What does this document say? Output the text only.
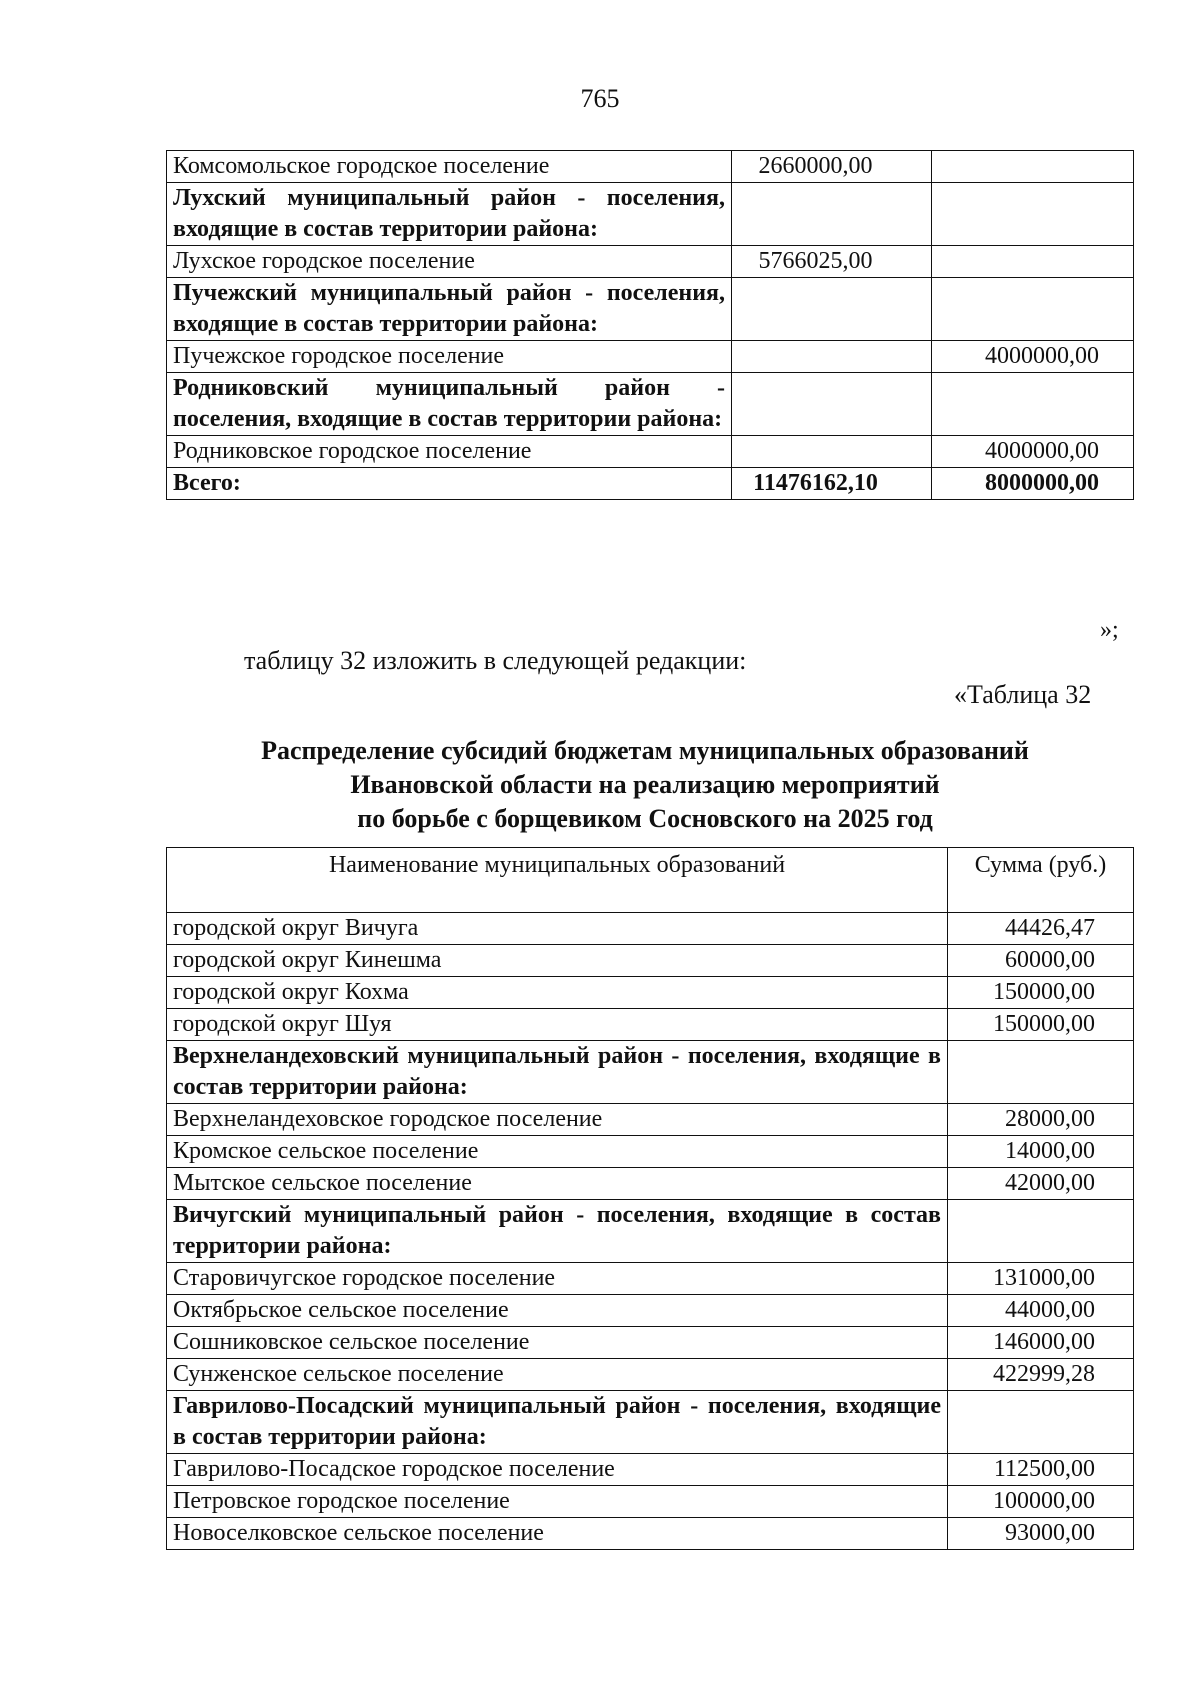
765
Комсомольское городское поселение	2660000,00	
Лухский муниципальный район - поселения, входящие в состав территории района:		
Лухское городское поселение	5766025,00	
Пучежский муниципальный район - поселения, входящие в состав территории района:		
Пучежское городское поселение		4000000,00
Родниковский муниципальный район - поселения, входящие в состав территории района:		
Родниковское городское поселение		4000000,00
Всего:	11476162,10	8000000,00
»;
таблицу 32 изложить в следующей редакции:
«Таблица 32
Распределение субсидий бюджетам муниципальных образований
Ивановской области на реализацию мероприятий
по борьбе с борщевиком Сосновского на 2025 год
Наименование муниципальных образований	Сумма (руб.)
городской округ Вичуга	44426,47
городской округ Кинешма	60000,00
городской округ Кохма	150000,00
городской округ Шуя	150000,00
Верхнеландеховский муниципальный район - поселения, входящие в состав территории района:	
Верхнеландеховское городское поселение	28000,00
Кромское сельское поселение	14000,00
Мытское сельское поселение	42000,00
Вичугский муниципальный район - поселения, входящие в состав территории района:	
Старовичугское городское поселение	131000,00
Октябрьское сельское поселение	44000,00
Сошниковское сельское поселение	146000,00
Сунженское сельское поселение	422999,28
Гаврилово-Посадский муниципальный район - поселения, входящие в состав территории района:	
Гаврилово-Посадское городское поселение	112500,00
Петровское городское поселение	100000,00
Новоселковское сельское поселение	93000,00
